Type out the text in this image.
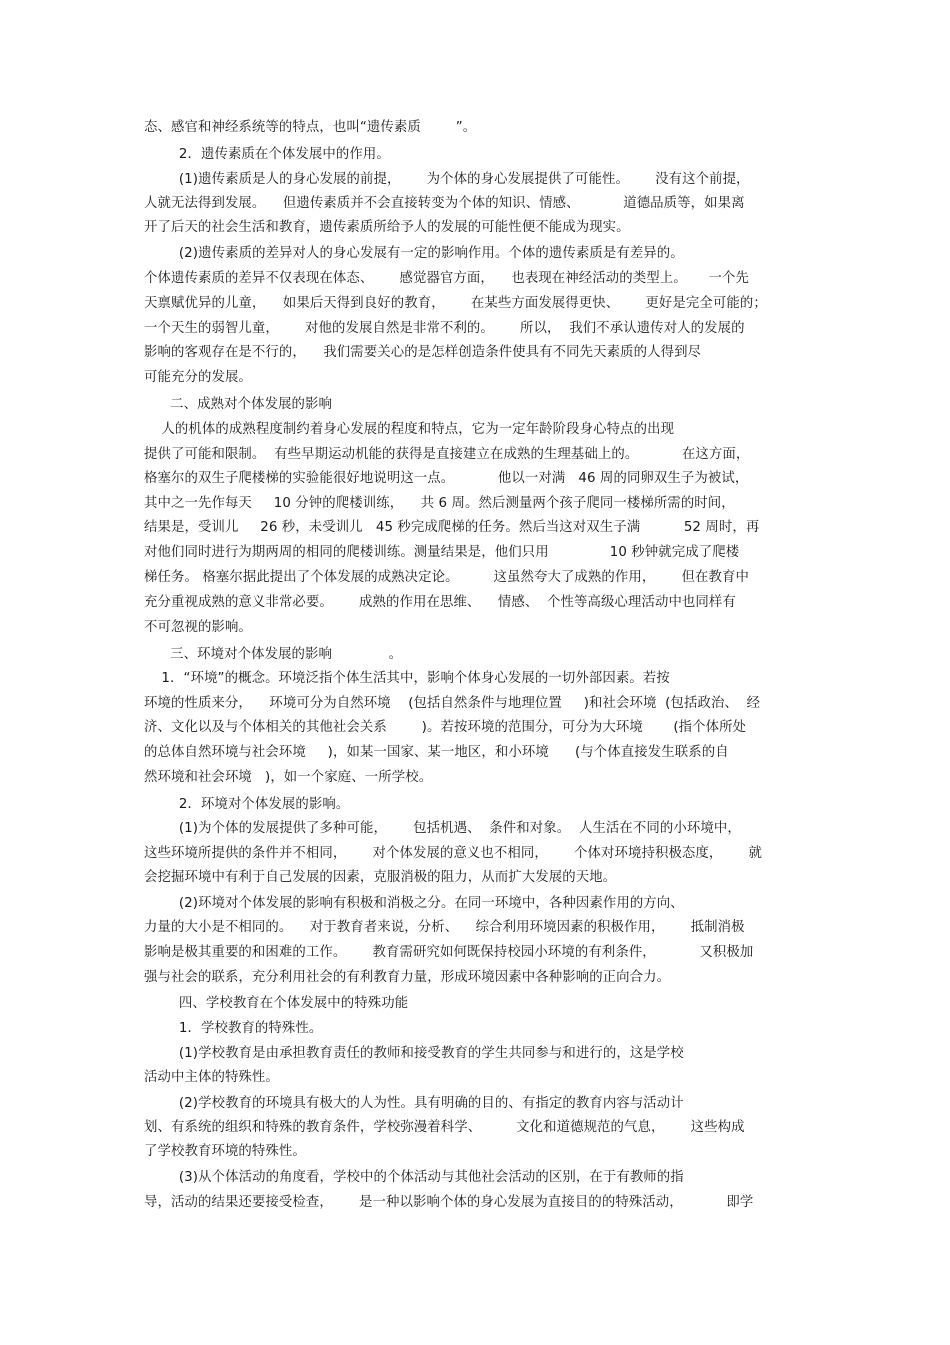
态、感官和神经系统等的特点，也叫“遗传素质        ”。

2．遗传素质在个体发展中的作用。

(1)遗传素质是人的身心发展的前提，      为个体的身心发展提供了可能性。      没有这个前提，

人就无法得到发展。    但遗传素质并不会直接转变为个体的知识、情感、          道德品质等，如果离

开了后天的社会生活和教育，遗传素质所给予人的发展的可能性便不能成为现实。

(2)遗传素质的差异对人的身心发展有一定的影响作用。个体的遗传素质是有差异的。

个体遗传素质的差异不仅表现在体态、      感觉器官方面，    也表现在神经活动的类型上。     一个先

天禀赋优异的儿童，    如果后天得到良好的教育，      在某些方面发展得更快、      更好是完全可能的；

一个天生的弱智儿童，      对他的发展自然是非常不利的。      所以，  我们不承认遗传对人的发展的

影响的客观存在是不行的，    我们需要关心的是怎样创造条件使具有不同先天素质的人得到尽

可能充分的发展。

二、成熟对个体发展的影响

人的机体的成熟程度制约着身心发展的程度和特点，它为一定年龄阶段身心特点的出现

提供了可能和限制。  有些早期运动机能的获得是直接建立在成熟的生理基础上的。          在这方面，

格塞尔的双生子爬楼梯的实验能很好地说明这一点。          他以一对满   46 周的同卵双生子为被试，

其中之一先作每天     10 分钟的爬楼训练，    共 6 周。然后测量两个孩子爬同一楼梯所需的时间，

结果是，受训儿     26 秒，未受训儿   45 秒完成爬梯的任务。然后当这对双生子满          52 周时，再

对他们同时进行为期两周的相同的爬楼训练。测量结果是，他们只用              10 秒钟就完成了爬楼

梯任务。 格塞尔据此提出了个体发展的成熟决定论。        这虽然夸大了成熟的作用，      但在教育中

充分重视成熟的意义非常必要。      成熟的作用在思维、    情感、  个性等高级心理活动中也同样有

不可忽视的影响。

三、环境对个体发展的影响             。

1．“环境”的概念。环境泛指个体生活其中，影响个体身心发展的一切外部因素。若按

环境的性质来分，    环境可分为自然环境    (包括自然条件与地理位置     )和社会环境  (包括政治、  经

济、文化以及与个体相关的其他社会关系        )。若按环境的范围分，可分为大环境       (指个体所处

的总体自然环境与社会环境     )，如某一国家、某一地区，和小环境      (与个体直接发生联系的自

然环境和社会环境   )，如一个家庭、一所学校。

2．环境对个体发展的影响。

(1)为个体的发展提供了多种可能，      包括机遇、  条件和对象。  人生活在不同的小环境中，

这些环境所提供的条件并不相同，      对个体发展的意义也不相同，      个体对环境持积极态度，      就

会挖掘环境中有利于自己发展的因素，克服消极的阻力，从而扩大发展的天地。

(2)环境对个体发展的影响有积极和消极之分。在同一环境中，各种因素作用的方向、

力量的大小是不相同的。    对于教育者来说，分析、    综合利用环境因素的积极作用，      抵制消极

影响是极其重要的和困难的工作。      教育需研究如何既保持校园小环境的有利条件，          又积极加

强与社会的联系，充分利用社会的有利教育力量，形成环境因素中各种影响的正向合力。

四、学校教育在个体发展中的特殊功能

1．学校教育的特殊性。

(1)学校教育是由承担教育责任的教师和接受教育的学生共同参与和进行的，这是学校

活动中主体的特殊性。

(2)学校教育的环境具有极大的人为性。具有明确的目的、有指定的教育内容与活动计

划、有系统的组织和特殊的教育条件，学校弥漫着科学、        文化和道德规范的气息，      这些构成

了学校教育环境的特殊性。

(3)从个体活动的角度看，学校中的个体活动与其他社会活动的区别，在于有教师的指

导，活动的结果还要接受检查，      是一种以影响个体的身心发展为直接目的的特殊活动，          即学
